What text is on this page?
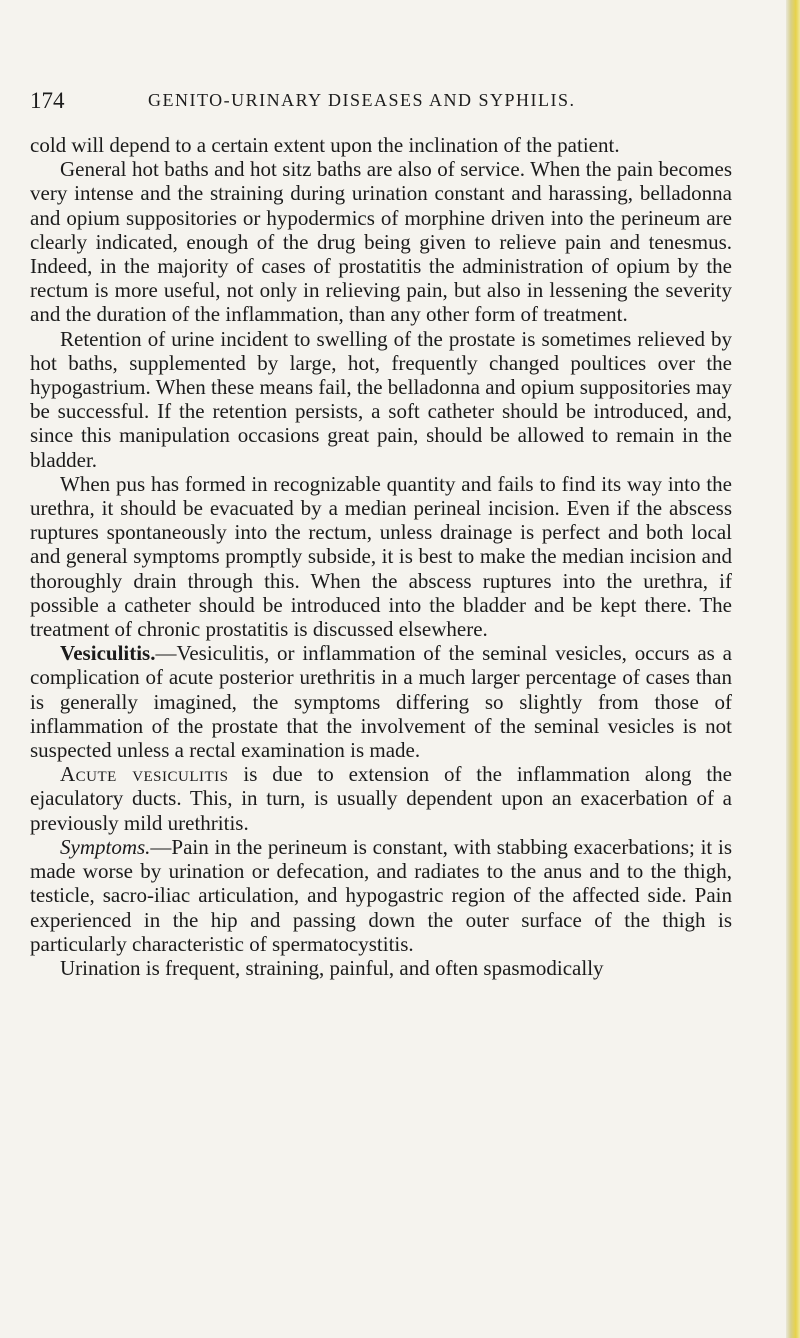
174	GENITO-URINARY DISEASES AND SYPHILIS.

cold will depend to a certain extent upon the inclination of the patient.

General hot baths and hot sitz baths are also of service. When the pain becomes very intense and the straining during urination constant and harassing, belladonna and opium suppositories or hypodermics of morphine driven into the perineum are clearly indicated, enough of the drug being given to relieve pain and tenesmus. Indeed, in the majority of cases of prostatitis the administration of opium by the rectum is more useful, not only in relieving pain, but also in lessening the severity and the duration of the inflammation, than any other form of treatment.

Retention of urine incident to swelling of the prostate is sometimes relieved by hot baths, supplemented by large, hot, frequently changed poultices over the hypogastrium. When these means fail, the belladonna and opium suppositories may be successful. If the retention persists, a soft catheter should be introduced, and, since this manipulation occasions great pain, should be allowed to remain in the bladder.

When pus has formed in recognizable quantity and fails to find its way into the urethra, it should be evacuated by a median perineal incision. Even if the abscess ruptures spontaneously into the rectum, unless drainage is perfect and both local and general symptoms promptly subside, it is best to make the median incision and thoroughly drain through this. When the abscess ruptures into the urethra, if possible a catheter should be introduced into the bladder and be kept there. The treatment of chronic prostatitis is discussed elsewhere.

Vesiculitis.—Vesiculitis, or inflammation of the seminal vesicles, occurs as a complication of acute posterior urethritis in a much larger percentage of cases than is generally imagined, the symptoms differing so slightly from those of inflammation of the prostate that the involvement of the seminal vesicles is not suspected unless a rectal examination is made.

Acute vesiculitis is due to extension of the inflammation along the ejaculatory ducts. This, in turn, is usually dependent upon an exacerbation of a previously mild urethritis.

Symptoms.—Pain in the perineum is constant, with stabbing exacerbations; it is made worse by urination or defecation, and radiates to the anus and to the thigh, testicle, sacro-iliac articulation, and hypogastric region of the affected side. Pain experienced in the hip and passing down the outer surface of the thigh is particularly characteristic of spermatocystitis.

Urination is frequent, straining, painful, and often spasmodically
